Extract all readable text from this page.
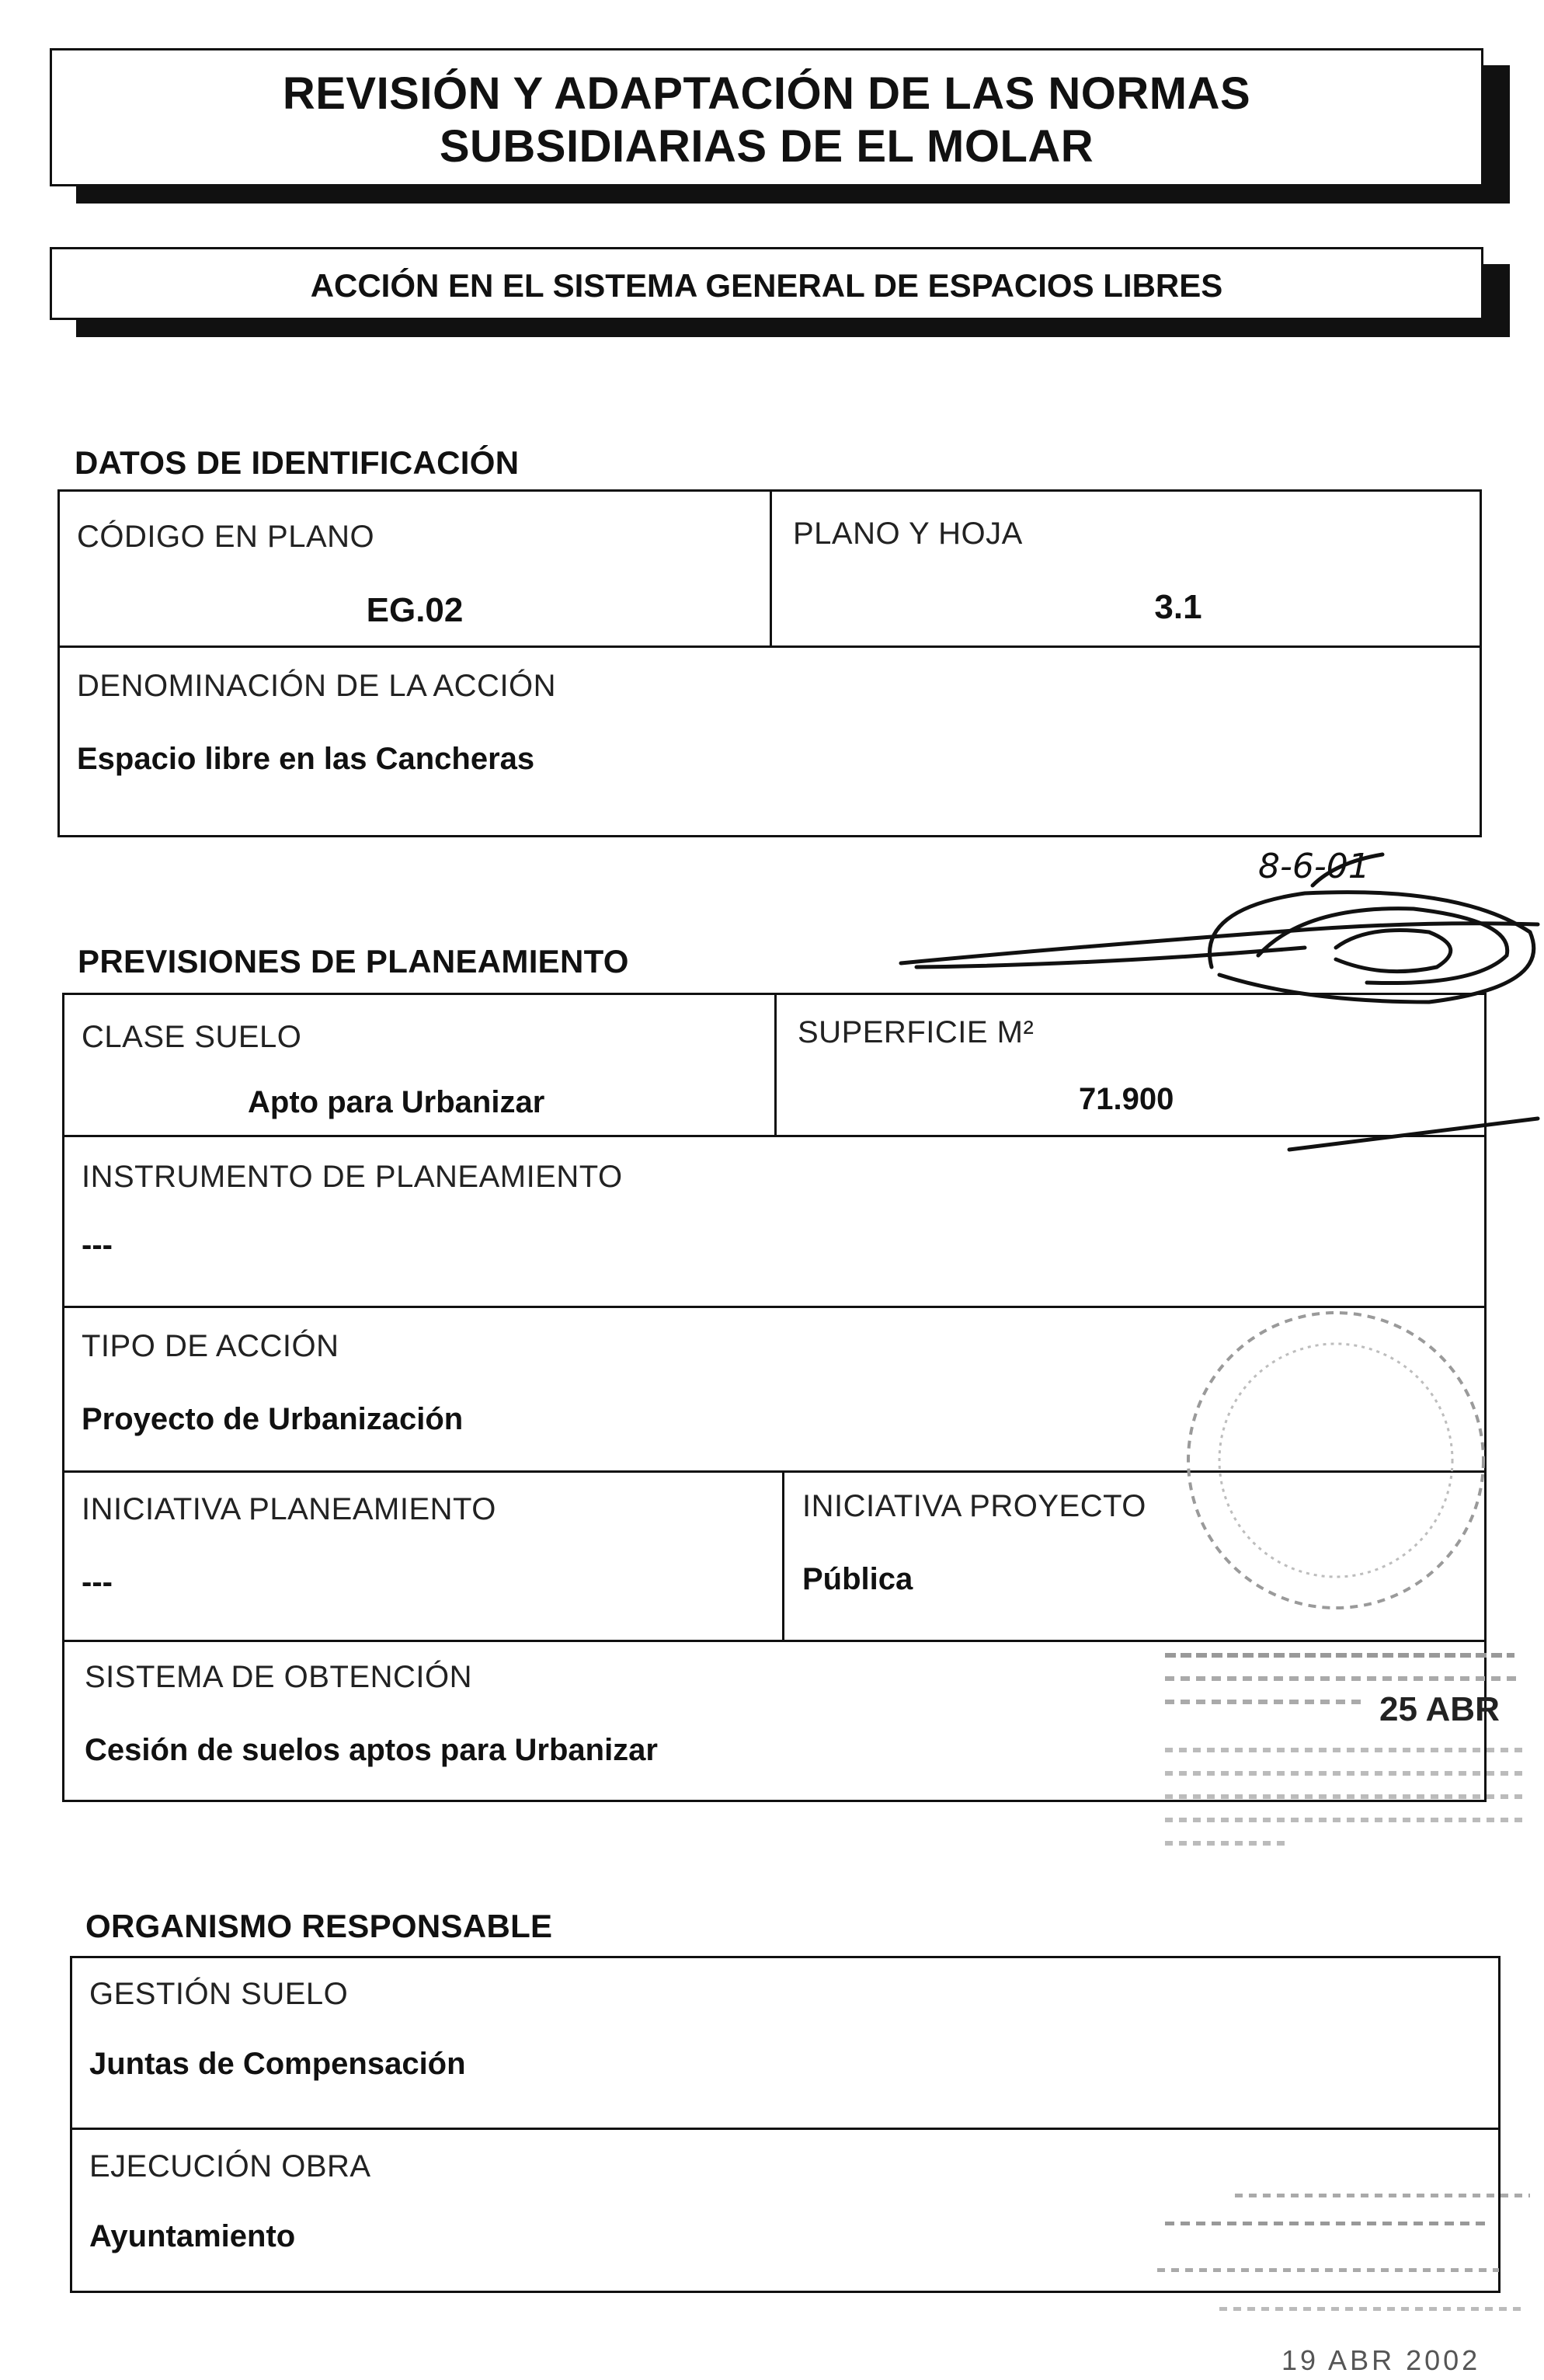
REVISIÓN Y ADAPTACIÓN DE LAS NORMAS
SUBSIDIARIAS DE EL MOLAR
ACCIÓN EN EL SISTEMA GENERAL DE ESPACIOS LIBRES
DATOS DE IDENTIFICACIÓN
CÓDIGO EN PLANO
EG.02
PLANO Y HOJA
3.1
DENOMINACIÓN DE LA ACCIÓN
Espacio libre en las Cancheras
PREVISIONES DE PLANEAMIENTO
CLASE SUELO
Apto para Urbanizar
SUPERFICIE M²
71.900
INSTRUMENTO DE PLANEAMIENTO
---
TIPO DE ACCIÓN
Proyecto de Urbanización
INICIATIVA PLANEAMIENTO
---
INICIATIVA PROYECTO
Pública
SISTEMA DE OBTENCIÓN
Cesión de suelos aptos para Urbanizar
ORGANISMO RESPONSABLE
GESTIÓN SUELO
Juntas de Compensación
EJECUCIÓN OBRA
Ayuntamiento
8-6-01
25 ABR
19 ABR 2002
